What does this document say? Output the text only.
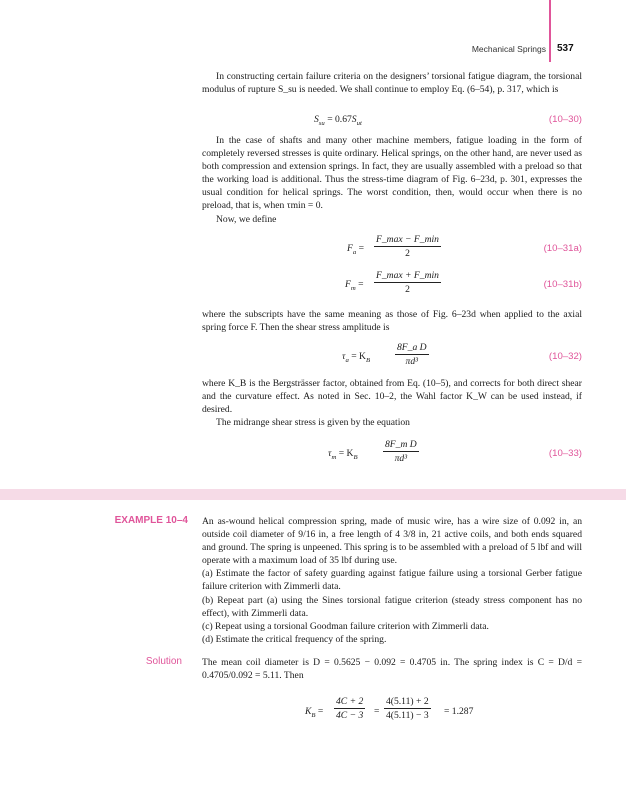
Mechanical Springs 537

In constructing certain failure criteria on the designers’ torsional fatigue diagram, the torsional modulus of rupture S_su is needed. We shall continue to employ Eq. (6–54), p. 317, which is

$S_{su} = 0.67S_{ut}$	(10–30)

In the case of shafts and many other machine members, fatigue loading in the form of completely reversed stresses is quite ordinary. Helical springs, on the other hand, are never used as both compression and extension springs. In fact, they are usually assembled with a preload so that the working load is additional. Thus the stress-time diagram of Fig. 6–23d, p. 301, expresses the usual condition for helical springs. The worst condition, then, would occur when there is no preload, that is, when τmin = 0.

Now, we define

$F_a = \frac{F\_\max - F\_\min}{2}$	(10–31a)
$F_m = \frac{F\_\max + F\_\min}{2}$	(10–31b)

where the subscripts have the same meaning as those of Fig. 6–23d when applied to the axial spring force F. Then the shear stress amplitude is

$\tau_a = K_B$	$\frac{\text{8F\_a D}}{\text{πd³}}$	(10–32)

where K_B is the Bergsträsser factor, obtained from Eq. (10–5), and corrects for both direct shear and the curvature effect. As noted in Sec. 10–2, the Wahl factor K_W can be used instead, if desired.

The midrange shear stress is given by the equation

$\tau_m = K_B$	$\frac{\text{8F\_m D}}{\text{πd³}}$	(10–33)
EXAMPLE 10–4 An as-wound helical compression spring, made of music wire, has a wire size of 0.092 in, an outside coil diameter of 9/16 in, a free length of 4 3/8 in, 21 active coils, and both ends squared and ground. The spring is unpeened. This spring is to be assembled with a preload of 5 lbf and will operate with a maximum load of 35 lbf during use.

(a) Estimate the factor of safety guarding against fatigue failure using a torsional Gerber fatigue failure criterion with Zimmerli data.

(b) Repeat part (a) using the Sines torsional fatigue criterion (steady stress component has no effect), with Zimmerli data.

(c) Repeat using a torsional Goodman failure criterion with Zimmerli data.

(d) Estimate the critical frequency of the spring.

Solution The mean coil diameter is D = 0.5625 − 0.092 = 0.4705 in. The spring index is C = D/d = 0.4705/0.092 = 5.11. Then

$K_B = \frac{4C + 2}{4C - 3} = \frac{4(5.11) + 2}{4(5.11) - 3} = 1.287$
